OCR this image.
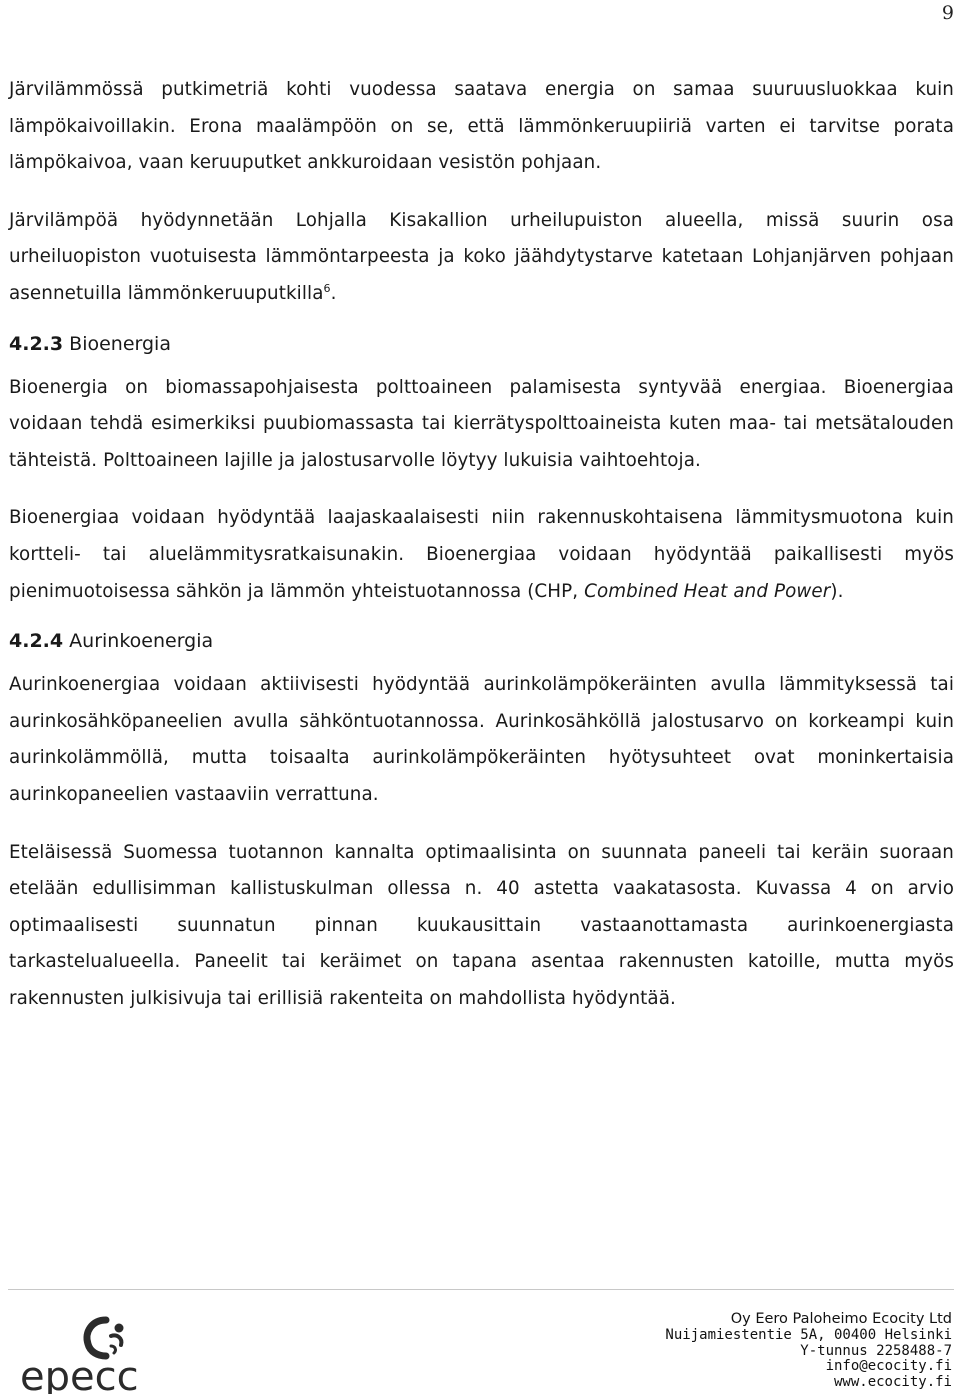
9

Järvilämmössä putkimetriä kohti vuodessa saatava energia on samaa suuruusluokkaa kuin lämpökaivoillakin. Erona maalämpöön on se, että lämmönkeruupiiriä varten ei tarvitse porata lämpökaivoa, vaan keruuputket ankkuroidaan vesistön pohjaan.

Järvilämpöä hyödynnetään Lohjalla Kisakallion urheilupuiston alueella, missä suurin osa urheiluopiston vuotuisesta lämmöntarpeesta ja koko jäähdytystarve katetaan Lohjanjärven pohjaan asennetuilla lämmönkeruuputkilla$^6$.

4.2.3 Bioenergia

Bioenergia on biomassapohjaisesta polttoaineen palamisesta syntyvää energiaa. Bioenergiaa voidaan tehdä esimerkiksi puubiomassasta tai kierrätyspolttoaineista kuten maa- tai metsätalouden tähteistä. Polttoaineen lajille ja jalostusarvolle löytyy lukuisia vaihtoehtoja.

Bioenergiaa voidaan hyödyntää laajaskaalaisesti niin rakennuskohtaisena lämmitysmuotona kuin kortteli- tai aluelämmitysratkaisunakin. Bioenergiaa voidaan hyödyntää paikallisesti myös pienimuotoisessa sähkön ja lämmön yhteistuotannossa (CHP, Combined Heat and Power).

4.2.4 Aurinkoenergia

Aurinkoenergiaa voidaan aktiivisesti hyödyntää aurinkolämpökeräinten avulla lämmityksessä tai aurinkosähköpaneelien avulla sähköntuotannossa. Aurinkosähköllä jalostusarvo on korkeampi kuin aurinkolämmöllä, mutta toisaalta aurinkolämpökeräinten hyötysuhteet ovat moninkertaisia aurinkopaneelien vastaaviin verrattuna.

Eteläisessä Suomessa tuotannon kannalta optimaalisinta on suunnata paneeli tai keräin suoraan etelään edullisimman kallistuskulman ollessa n. 40 astetta vaakatasosta. Kuvassa 4 on arvio optimaalisesti suunnatun pinnan kuukausittain vastaanottamasta aurinkoenergiasta tarkastelualueella. Paneelit tai keräimet on tapana asentaa rakennusten katoille, mutta myös rakennusten julkisivuja tai erillisiä rakenteita on mahdollista hyödyntää.

epecc
Oy Eero Paloheimo Ecocity Ltd
Nuijamiestentie 5A, 00400 Helsinki
Y-tunnus 2258488-7
info@ecocity.fi
www.ecocity.fi
